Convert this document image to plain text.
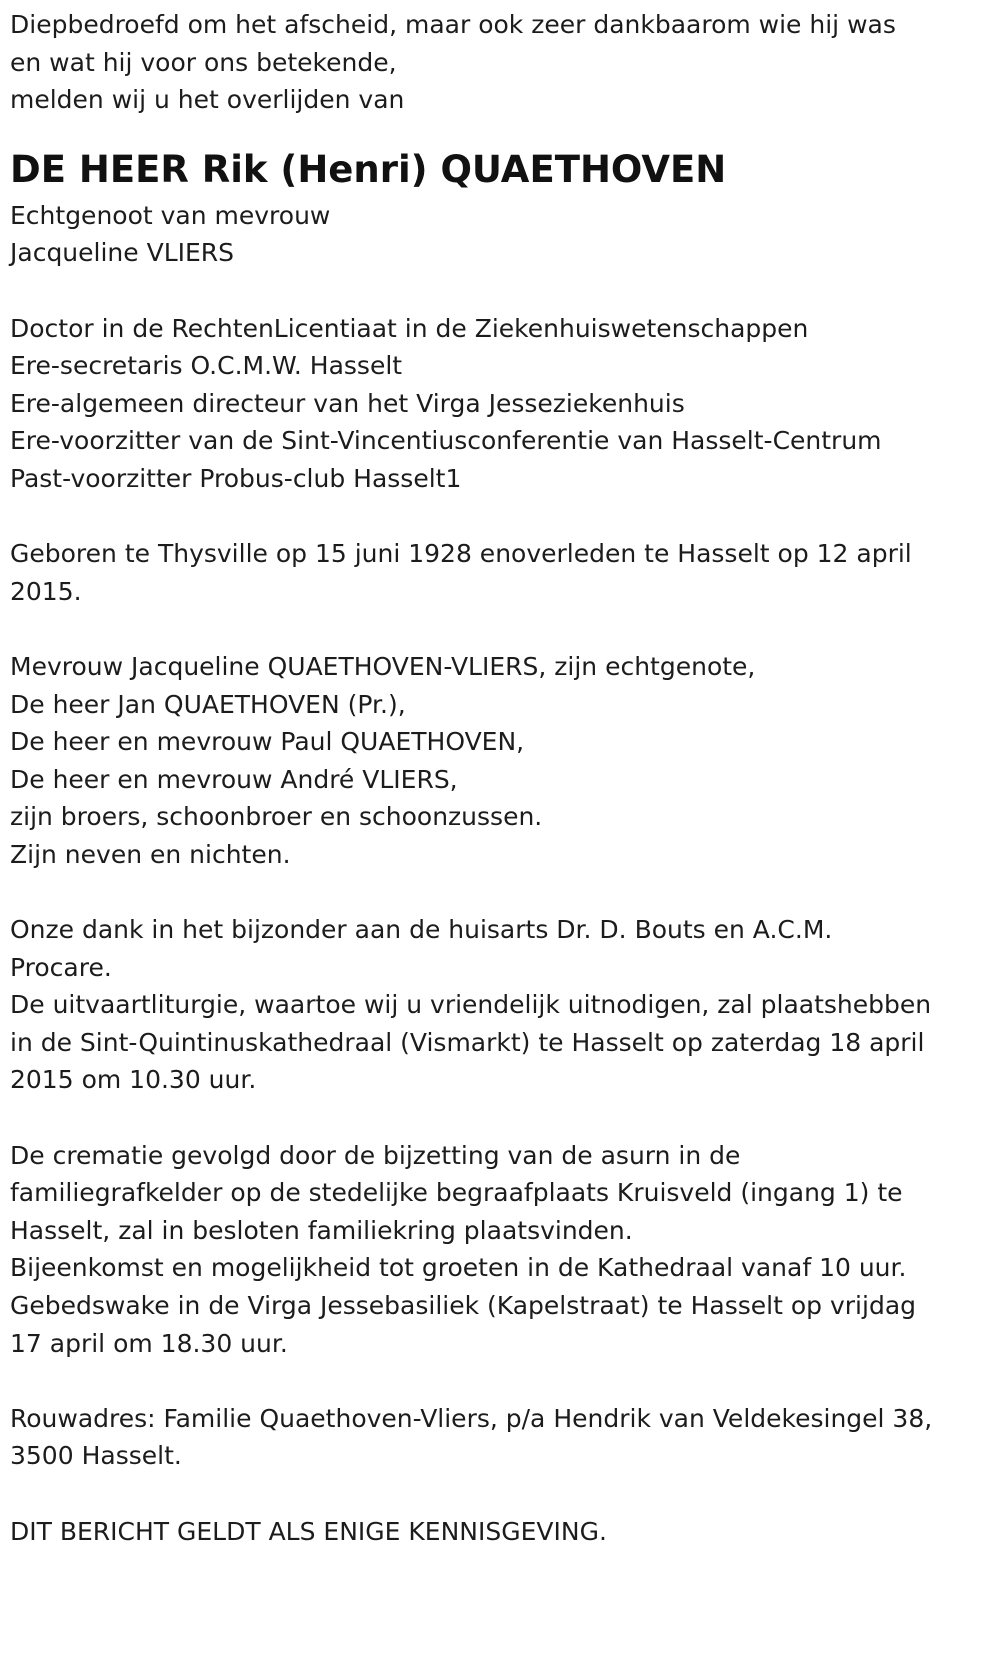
Diepbedroefd om het afscheid, maar ook zeer dankbaarom wie hij was
en wat hij voor ons betekende,
melden wij u het overlijden van
DE HEER Rik (Henri) QUAETHOVEN
Echtgenoot van mevrouw
Jacqueline VLIERS
Doctor in de RechtenLicentiaat in de Ziekenhuiswetenschappen
Ere-secretaris O.C.M.W. Hasselt
Ere-algemeen directeur van het Virga Jesseziekenhuis
Ere-voorzitter van de Sint-Vincentiusconferentie van Hasselt-Centrum
Past-voorzitter Probus-club Hasselt1
Geboren te Thysville op 15 juni 1928 enoverleden te Hasselt op 12 april
2015.
Mevrouw Jacqueline QUAETHOVEN-VLIERS, zijn echtgenote,
De heer Jan QUAETHOVEN (Pr.),
De heer en mevrouw Paul QUAETHOVEN,
De heer en mevrouw André VLIERS,
zijn broers, schoonbroer en schoonzussen.
Zijn neven en nichten.
Onze dank in het bijzonder aan de huisarts Dr. D. Bouts en A.C.M.
Procare.
De uitvaartliturgie, waartoe wij u vriendelijk uitnodigen, zal plaatshebben
in de Sint-Quintinuskathedraal (Vismarkt) te Hasselt op zaterdag 18 april
2015 om 10.30 uur.
De crematie gevolgd door de bijzetting van de asurn in de
familiegrafkelder op de stedelijke begraafplaats Kruisveld (ingang 1) te
Hasselt, zal in besloten familiekring plaatsvinden.
Bijeenkomst en mogelijkheid tot groeten in de Kathedraal vanaf 10 uur.
Gebedswake in de Virga Jessebasiliek (Kapelstraat) te Hasselt op vrijdag
17 april om 18.30 uur.
Rouwadres: Familie Quaethoven-Vliers, p/a Hendrik van Veldekesingel 38,
3500 Hasselt.
DIT BERICHT GELDT ALS ENIGE KENNISGEVING.
